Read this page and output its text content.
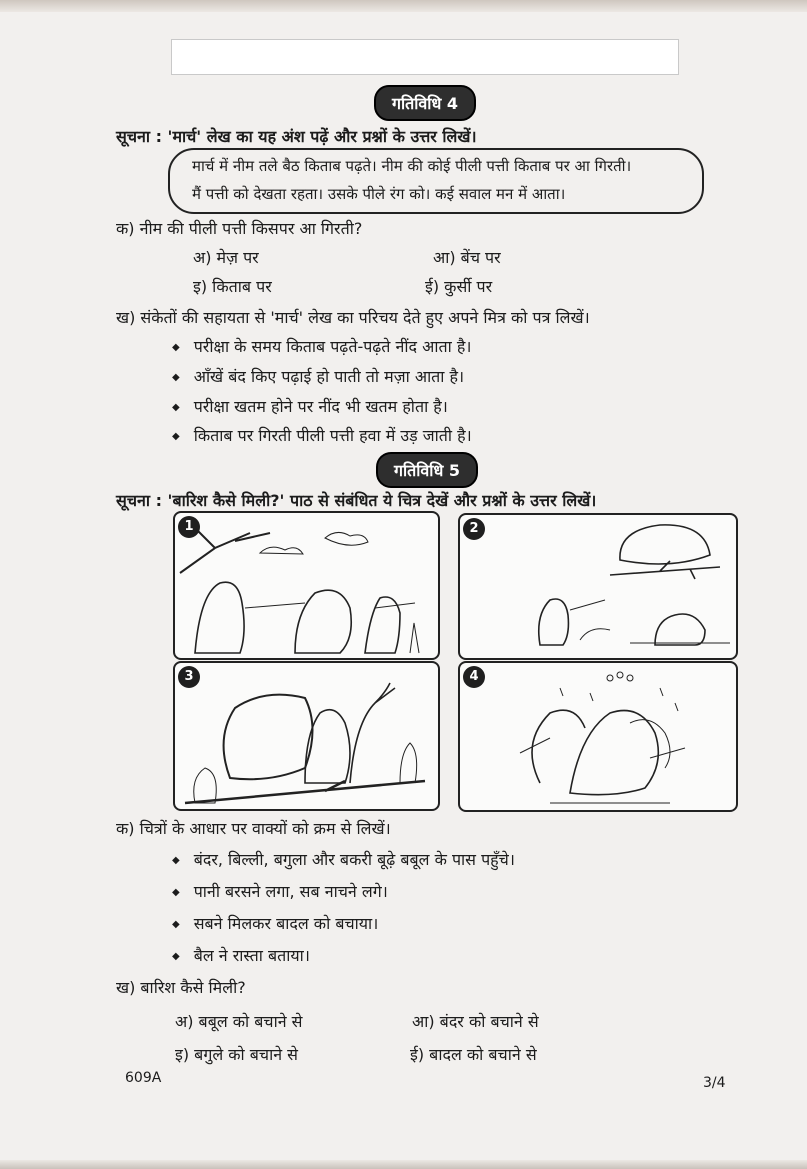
गतिविधि 4
सूचना : 'मार्च' लेख का यह अंश पढ़ें और प्रश्नों के उत्तर लिखें।
मार्च में नीम तले बैठ किताब पढ़ते। नीम की कोई पीली पत्ती किताब पर आ गिरती।
मैं पत्ती को देखता रहता। उसके पीले रंग को। कई सवाल मन में आता।
क) नीम की पीली पत्ती किसपर आ गिरती?
अ) मेज़ पर	आ) बेंच पर
इ) किताब पर	ई) कुर्सी पर
ख) संकेतों की सहायता से 'मार्च' लेख का परिचय देते हुए अपने मित्र को पत्र लिखें।
◆ परीक्षा के समय किताब पढ़ते-पढ़ते नींद आता है।
◆ आँखें बंद किए पढ़ाई हो पाती तो मज़ा आता है।
◆ परीक्षा खतम होने पर नींद भी खतम होता है।
◆ किताब पर गिरती पीली पत्ती हवा में उड़ जाती है।
गतिविधि 5
सूचना : 'बारिश कैसे मिली?' पाठ से संबंधित ये चित्र देखें और प्रश्नों के उत्तर लिखें।
1	2
3	4
क) चित्रों के आधार पर वाक्यों को क्रम से लिखें।
◆ बंदर, बिल्ली, बगुला और बकरी बूढ़े बबूल के पास पहुँचे।
◆ पानी बरसने लगा, सब नाचने लगे।
◆ सबने मिलकर बादल को बचाया।
◆ बैल ने रास्ता बताया।
ख) बारिश कैसे मिली?
अ) बबूल को बचाने से	आ) बंदर को बचाने से
इ) बगुले को बचाने से	ई) बादल को बचाने से
609A	3/4
